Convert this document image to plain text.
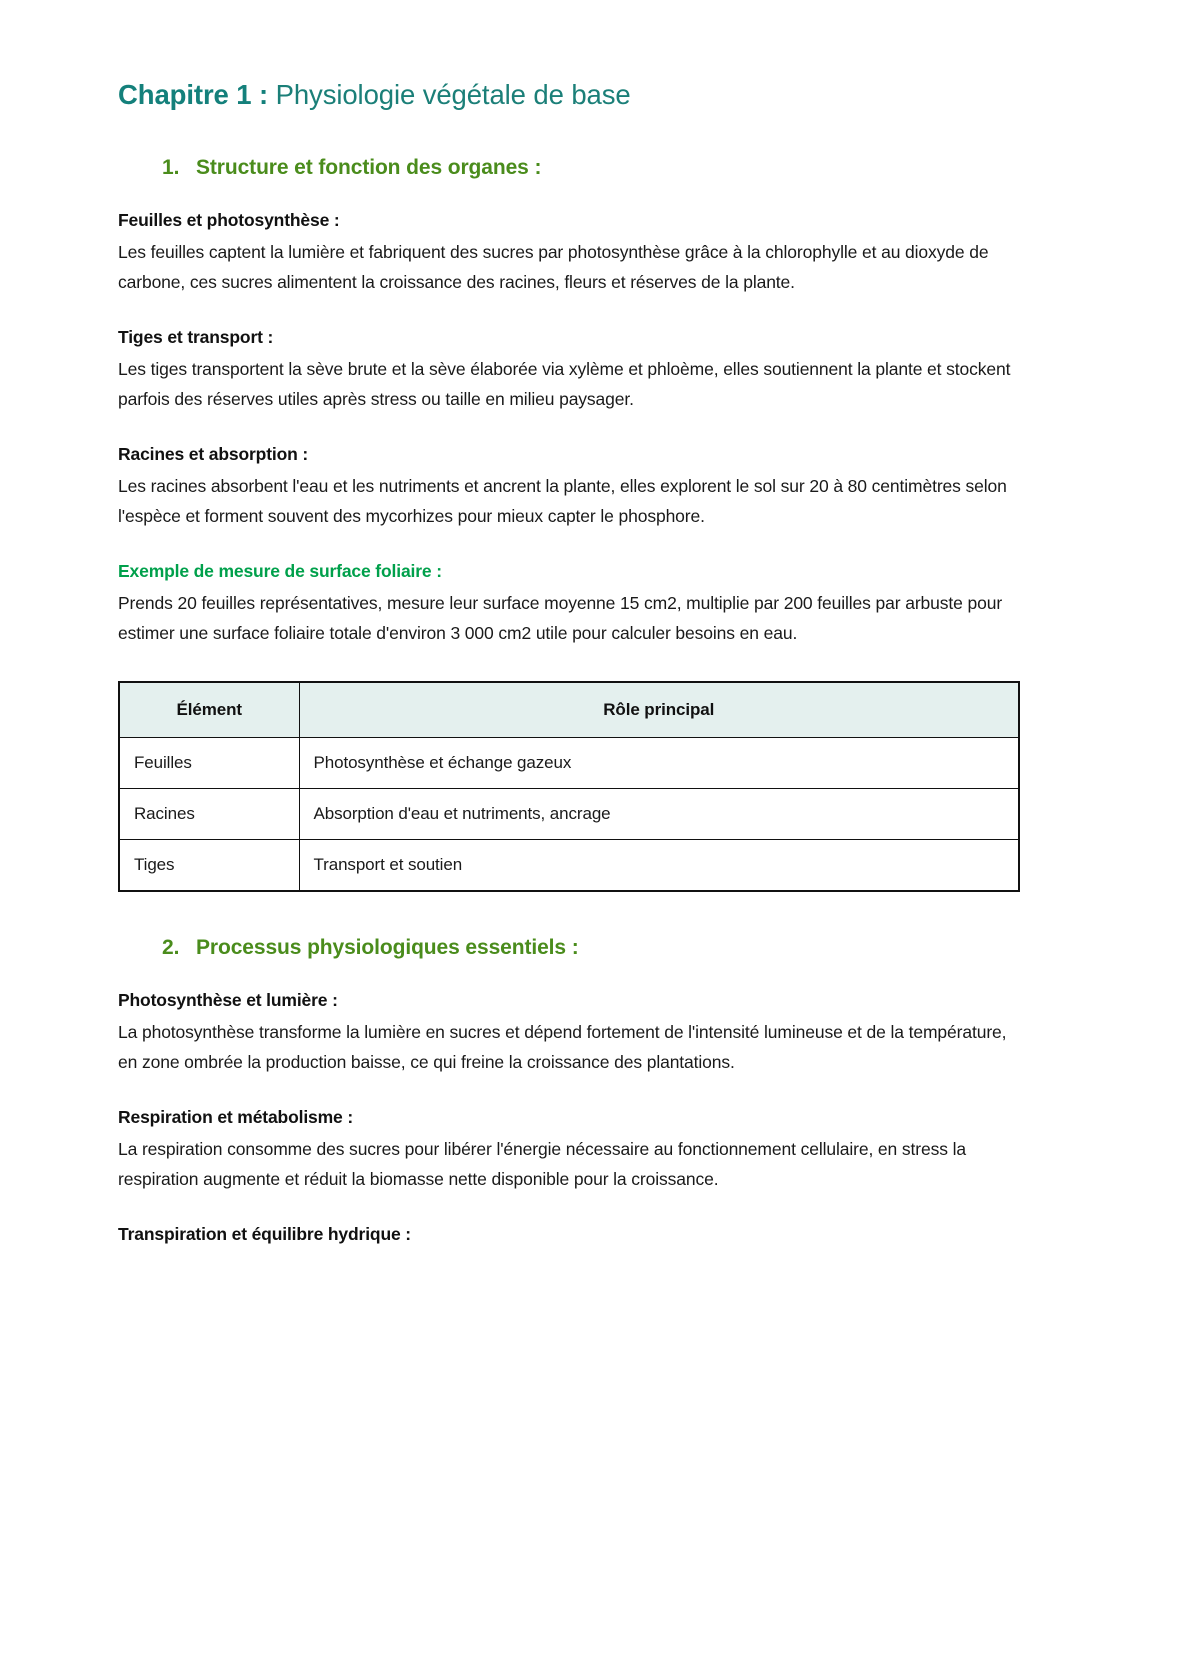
Chapitre 1 : Physiologie végétale de base
1. Structure et fonction des organes :
Feuilles et photosynthèse :

Les feuilles captent la lumière et fabriquent des sucres par photosynthèse grâce à la chlorophylle et au dioxyde de carbone, ces sucres alimentent la croissance des racines, fleurs et réserves de la plante.

Tiges et transport :

Les tiges transportent la sève brute et la sève élaborée via xylème et phloème, elles soutiennent la plante et stockent parfois des réserves utiles après stress ou taille en milieu paysager.

Racines et absorption :

Les racines absorbent l'eau et les nutriments et ancrent la plante, elles explorent le sol sur 20 à 80 centimètres selon l'espèce et forment souvent des mycorhizes pour mieux capter le phosphore.

Exemple de mesure de surface foliaire :

Prends 20 feuilles représentatives, mesure leur surface moyenne 15 cm2, multiplie par 200 feuilles par arbuste pour estimer une surface foliaire totale d'environ 3 000 cm2 utile pour calculer besoins en eau.

Élément	Rôle principal
Feuilles	Photosynthèse et échange gazeux
Racines	Absorption d'eau et nutriments, ancrage
Tiges	Transport et soutien
2. Processus physiologiques essentiels :
Photosynthèse et lumière :

La photosynthèse transforme la lumière en sucres et dépend fortement de l'intensité lumineuse et de la température, en zone ombrée la production baisse, ce qui freine la croissance des plantations.

Respiration et métabolisme :

La respiration consomme des sucres pour libérer l'énergie nécessaire au fonctionnement cellulaire, en stress la respiration augmente et réduit la biomasse nette disponible pour la croissance.

Transpiration et équilibre hydrique :
